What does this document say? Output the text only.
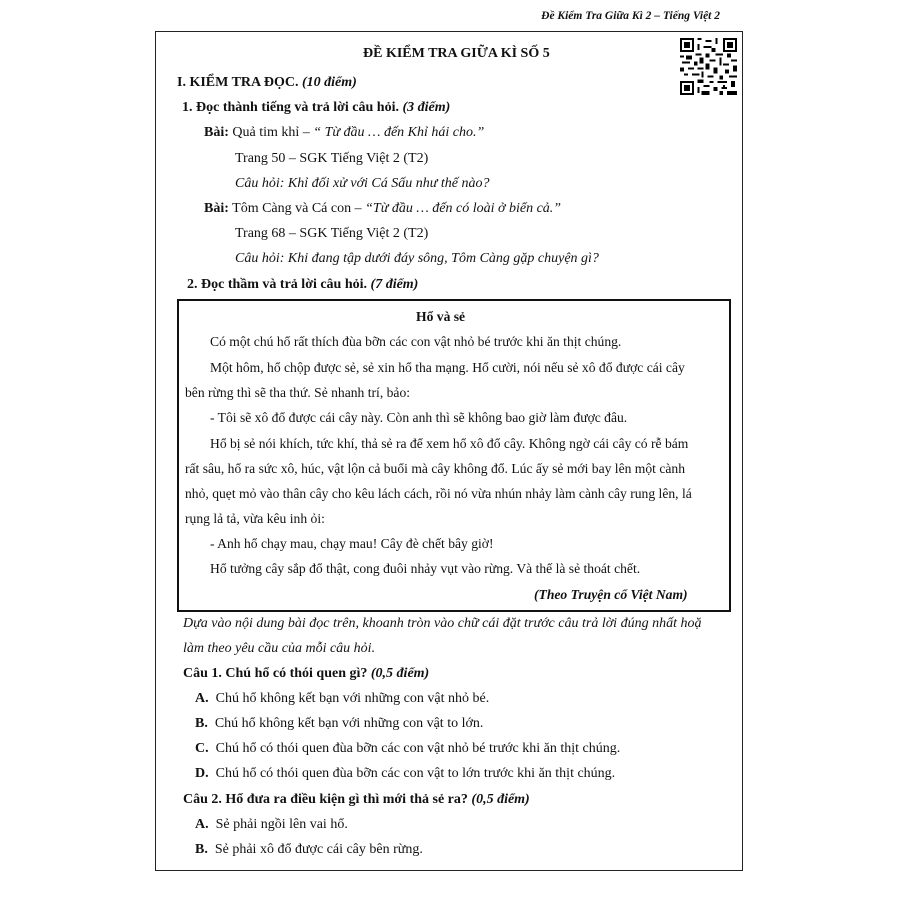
Đề Kiểm Tra Giữa Kì 2 – Tiếng Việt 2
ĐỀ KIỂM TRA GIỮA KÌ SỐ 5
I. KIỂM TRA ĐỌC. (10 điểm)
1. Đọc thành tiếng và trả lời câu hỏi. (3 điểm)
Bài: Quả tim khỉ – “ Từ đầu … đến Khỉ hái cho.”
Trang 50 – SGK Tiếng Việt 2 (T2)
Câu hỏi: Khỉ đối xử với Cá Sấu như thế nào?
Bài: Tôm Càng và Cá con – “Từ đầu … đến có loài ở biển cả.”
Trang 68 – SGK Tiếng Việt 2 (T2)
Câu hỏi: Khi đang tập dưới đáy sông, Tôm Càng gặp chuyện gì?
2. Đọc thầm và trả lời câu hỏi. (7 điểm)
Hổ và sẻ
Có một chú hổ rất thích đùa bỡn các con vật nhỏ bé trước khi ăn thịt chúng.
Một hôm, hổ chộp được sẻ, sẻ xin hổ tha mạng. Hổ cười, nói nếu sẻ xô đổ được cái cây
bên rừng thì sẽ tha thứ. Sẻ nhanh trí, bảo:
- Tôi sẽ xô đổ được cái cây này. Còn anh thì sẽ không bao giờ làm được đâu.
Hổ bị sẻ nói khích, tức khí, thả sẻ ra để xem hổ xô đổ cây. Không ngờ cái cây có rễ bám
rất sâu, hổ ra sức xô, húc, vật lộn cả buổi mà cây không đổ. Lúc ấy sẻ mới bay lên một cành
nhỏ, quẹt mỏ vào thân cây cho kêu lách cách, rồi nó vừa nhún nhảy làm cành cây rung lên, lá
rụng lả tả, vừa kêu inh ỏi:
- Anh hổ chạy mau, chạy mau! Cây đè chết bây giờ!
Hổ tưởng cây sắp đổ thật, cong đuôi nhảy vụt vào rừng. Và thế là sẻ thoát chết.
(Theo Truyện cổ Việt Nam)
Dựa vào nội dung bài đọc trên, khoanh tròn vào chữ cái đặt trước câu trả lời đúng nhất hoặ
làm theo yêu cầu của mỗi câu hỏi.
Câu 1. Chú hổ có thói quen gì? (0,5 điểm)
A. Chú hổ không kết bạn với những con vật nhỏ bé.
B. Chú hổ không kết bạn với những con vật to lớn.
C. Chú hổ có thói quen đùa bỡn các con vật nhỏ bé trước khi ăn thịt chúng.
D. Chú hổ có thói quen đùa bỡn các con vật to lớn trước khi ăn thịt chúng.
Câu 2. Hổ đưa ra điều kiện gì thì mới thả sẻ ra? (0,5 điểm)
A. Sẻ phải ngồi lên vai hổ.
B. Sẻ phải xô đổ được cái cây bên rừng.
